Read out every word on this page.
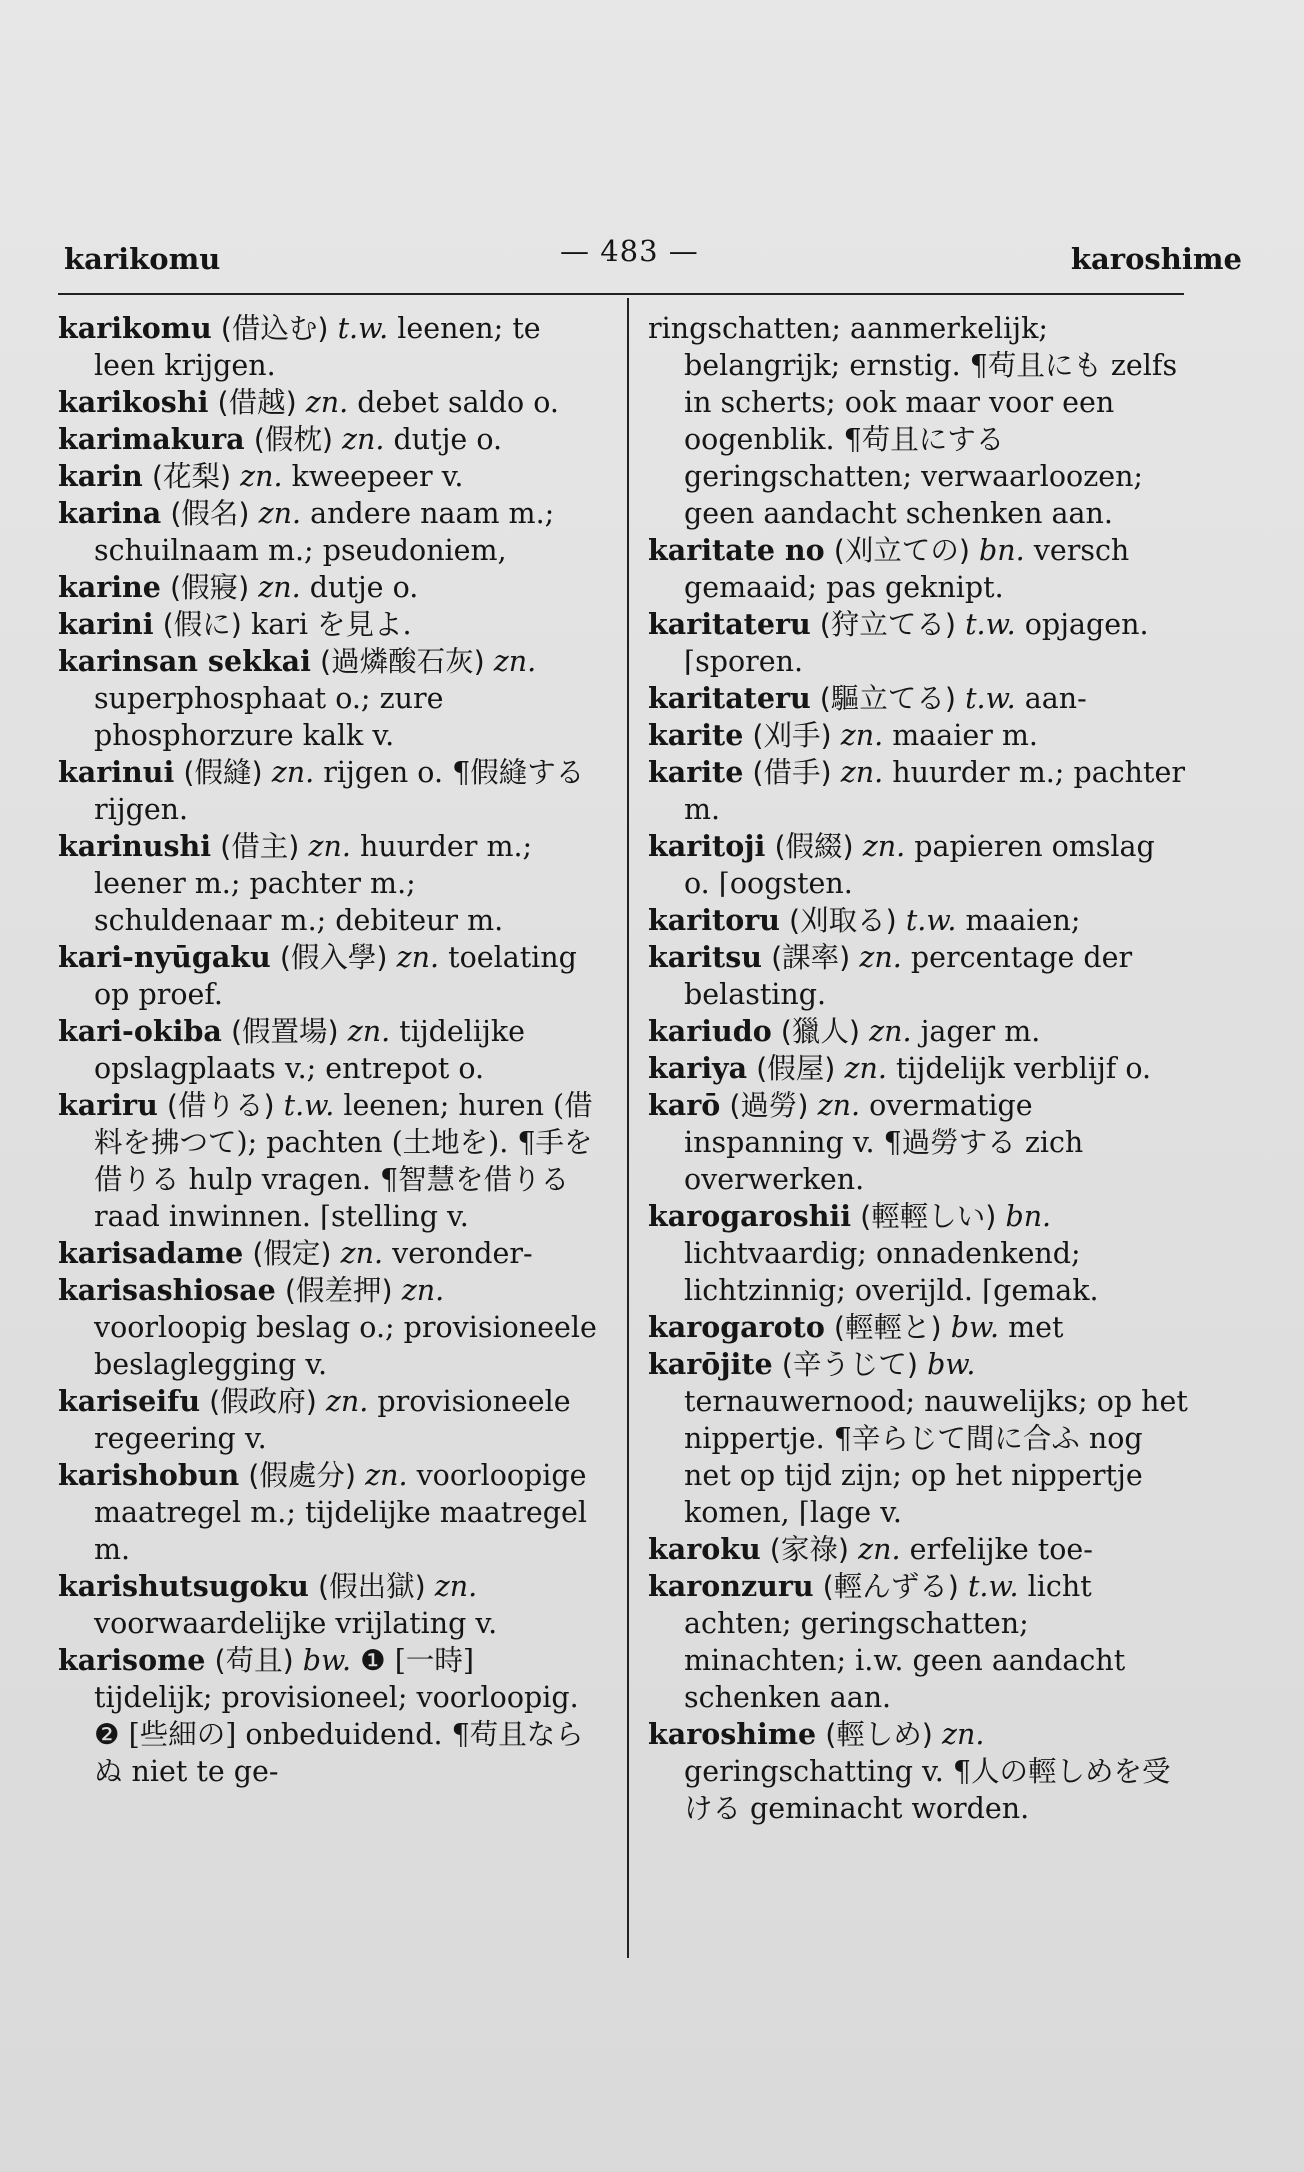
karikomu	— 483 —	karoshime
karikomu (借込む) t.w. leenen; te leen krijgen.
karikoshi (借越) zn. debet saldo o.
karimakura (假枕) zn. dutje o.
karin (花梨) zn. kweepeer v.
karina (假名) zn. andere naam m.; schuilnaam m.; pseudoniem,
karine (假寢) zn. dutje o.
karini (假に) kari を見よ.
karinsan sekkai (過燐酸石灰) zn. superphosphaat o.; zure phosphorzure kalk v.
karinui (假縫) zn. rijgen o. ¶假縫する rijgen.
karinushi (借主) zn. huurder m.; leener m.; pachter m.; schuldenaar m.; debiteur m.
kari-nyūgaku (假入學) zn. toelating op proef.
kari-okiba (假置場) zn. tijdelijke opslagplaats v.; entrepot o.
kariru (借りる) t.w. leenen; huren (借料を拂つて); pachten (土地を). ¶手を借りる hulp vragen. ¶智慧を借りる raad inwinnen. ⌈stelling v.
karisadame (假定) zn. veronder-
karisashiosae (假差押) zn. voorloopig beslag o.; provisioneele beslaglegging v.
kariseifu (假政府) zn. provisioneele regeering v.
karishobun (假處分) zn. voorloopige maatregel m.; tijdelijke maatregel m.
karishutsugoku (假出獄) zn. voorwaardelijke vrijlating v.
karisome (苟且) bw. ❶ [一時] tijdelijk; provisioneel; voorloopig. ❷ [些細の] onbeduidend. ¶苟且ならぬ niet te ge-
ringschatten; aanmerkelijk; belangrijk; ernstig. ¶苟且にも zelfs in scherts; ook maar voor een oogenblik. ¶苟且にする geringschatten; verwaarloozen; geen aandacht schenken aan.
karitate no (刈立ての) bn. versch gemaaid; pas geknipt.
karitateru (狩立てる) t.w. opjagen. ⌈sporen.
karitateru (驅立てる) t.w. aan-
karite (刈手) zn. maaier m.
karite (借手) zn. huurder m.; pachter m.
karitoji (假綴) zn. papieren omslag o. ⌈oogsten.
karitoru (刈取る) t.w. maaien;
karitsu (課率) zn. percentage der belasting.
kariudo (獵人) zn. jager m.
kariya (假屋) zn. tijdelijk verblijf o.
karō (過勞) zn. overmatige inspanning v. ¶過勞する zich overwerken.
karogaroshii (輕輕しい) bn. lichtvaardig; onnadenkend; lichtzinnig; overijld. ⌈gemak.
karogaroto (輕輕と) bw. met
karōjite (辛うじて) bw. ternauwernood; nauwelijks; op het nippertje. ¶辛らじて間に合ふ nog net op tijd zijn; op het nippertje komen, ⌈lage v.
karoku (家祿) zn. erfelijke toe-
karonzuru (輕んずる) t.w. licht achten; geringschatten; minachten; i.w. geen aandacht schenken aan.
karoshime (輕しめ) zn. geringschatting v. ¶人の輕しめを受ける geminacht worden.
